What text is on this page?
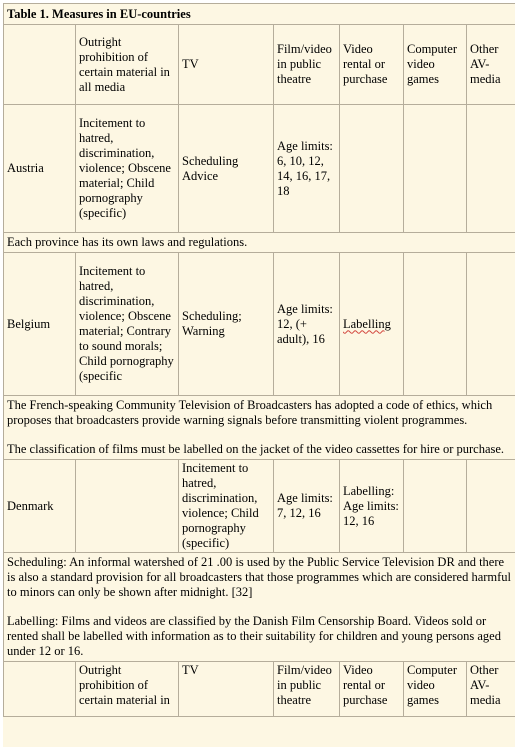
Table 1. Measures in EU-countries						
	Outright prohibition of certain material in all media	TV	Film/video in public theatre	Video rental or purchase	Computer video games	Other AV-media
Austria	Incitement to hatred, discrimination, violence; Obscene material; Child pornography (specific)	Scheduling Advice	Age limits: 6, 10, 12, 14, 16, 17, 18			
Each province has its own laws and regulations.						
Belgium	Incitement to hatred, discrimination, violence; Obscene material; Contrary to sound morals; Child pornography (specific	Scheduling; Warning	Age limits: 12, (+ adult), 16	Labelling		

The French-speaking Community Television of Broadcasters has adopted a code of ethics, which proposes that broadcasters provide warning signals before transmitting violent programmes.
The classification of films must be labelled on the jacket of the video cassettes for hire or purchase.						

Denmark		Incitement to hatred, discrimination, violence; Child pornography (specific)	Age limits: 7, 12, 16	Labelling: Age limits: 12, 16		

Scheduling: An informal watershed of 21 .00 is used by the Public Service Television DR and there is also a standard provision for all broadcasters that those programmes which are considered harmful to minors can only be shown after midnight. [32]
Labelling: Films and videos are classified by the Danish Film Censorship Board. Videos sold or rented shall be labelled with information as to their suitability for children and young persons aged under 12 or 16.						

	Outright prohibition of certain material in	TV	Film/video in public theatre	Video rental or purchase	Computer video games	Other AV-media
